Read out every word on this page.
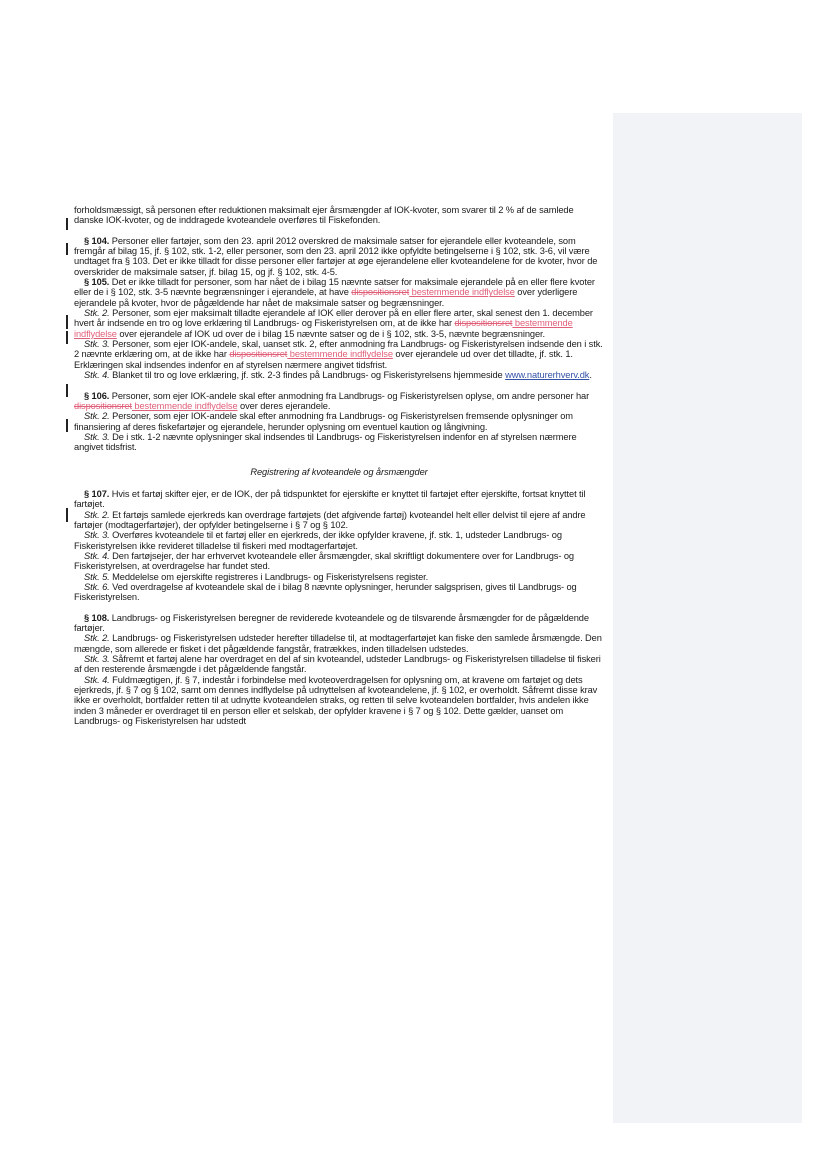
forholdsmæssigt, så personen efter reduktionen maksimalt ejer årsmængder af IOK-kvoter, som svarer til 2 % af de samlede danske IOK-kvoter, og de inddragede kvoteandele overføres til Fiskefonden.

§ 104. Personer eller fartøjer, som den 23. april 2012 overskred de maksimale satser for ejerandele eller kvoteandele, som fremgår af bilag 15, jf. § 102, stk. 1-2, eller personer, som den 23. april 2012 ikke opfyldte betingelserne i § 102, stk. 3-6, vil være undtaget fra § 103. Det er ikke tilladt for disse personer eller fartøjer at øge ejerandelene eller kvoteandelene for de kvoter, hvor de overskrider de maksimale satser, jf. bilag 15, og jf. § 102, stk. 4-5.

§ 105. Det er ikke tilladt for personer, som har nået de i bilag 15 nævnte satser for maksimale ejerandele på en eller flere kvoter eller de i § 102, stk. 3-5 nævnte begrænsninger i ejerandele, at have dispositionsret bestemmende indflydelse over yderligere ejerandele på kvoter, hvor de pågældende har nået de maksimale satser og begrænsninger.

Stk. 2. Personer, som ejer maksimalt tilladte ejerandele af IOK eller derover på en eller flere arter, skal senest den 1. december hvert år indsende en tro og love erklæring til Landbrugs- og Fiskeristyrelsen om, at de ikke har dispositionsret bestemmende indflydelse over ejerandele af IOK ud over de i bilag 15 nævnte satser og de i § 102, stk. 3-5, nævnte begrænsninger.

Stk. 3. Personer, som ejer IOK-andele, skal, uanset stk. 2, efter anmodning fra Landbrugs- og Fiskeristyrelsen indsende den i stk. 2 nævnte erklæring om, at de ikke har dispositionsret bestemmende indflydelse over ejerandele ud over det tilladte, jf. stk. 1. Erklæringen skal indsendes indenfor en af styrelsen nærmere angivet tidsfrist.

Stk. 4. Blanket til tro og love erklæring, jf. stk. 2-3 findes på Landbrugs- og Fiskeristyrelsens hjemmeside www.naturerhverv.dk.

§ 106. Personer, som ejer IOK-andele skal efter anmodning fra Landbrugs- og Fiskeristyrelsen oplyse, om andre personer har dispositionsret bestemmende indflydelse over deres ejerandele.

Stk. 2. Personer, som ejer IOK-andele skal efter anmodning fra Landbrugs- og Fiskeristyrelsen fremsende oplysninger om finansiering af deres fiskefartøjer og ejerandele, herunder oplysning om eventuel kaution og långivning.

Stk. 3. De i stk. 1-2 nævnte oplysninger skal indsendes til Landbrugs- og Fiskeristyrelsen indenfor en af styrelsen nærmere angivet tidsfrist.

Registrering af kvoteandele og årsmængder

§ 107. Hvis et fartøj skifter ejer, er de IOK, der på tidspunktet for ejerskifte er knyttet til fartøjet efter ejerskifte, fortsat knyttet til fartøjet.

Stk. 2. Et fartøjs samlede ejerkreds kan overdrage fartøjets (det afgivende fartøj) kvoteandel helt eller delvist til ejere af andre fartøjer (modtagerfartøjer), der opfylder betingelserne i § 7 og § 102.

Stk. 3. Overføres kvoteandele til et fartøj eller en ejerkreds, der ikke opfylder kravene, jf. stk. 1, udsteder Landbrugs- og Fiskeristyrelsen ikke revideret tilladelse til fiskeri med modtagerfartøjet.

Stk. 4. Den fartøjsejer, der har erhvervet kvoteandele eller årsmængder, skal skriftligt dokumentere over for Landbrugs- og Fiskeristyrelsen, at overdragelse har fundet sted.

Stk. 5. Meddelelse om ejerskifte registreres i Landbrugs- og Fiskeristyrelsens register.

Stk. 6. Ved overdragelse af kvoteandele skal de i bilag 8 nævnte oplysninger, herunder salgsprisen, gives til Landbrugs- og Fiskeristyrelsen.

§ 108. Landbrugs- og Fiskeristyrelsen beregner de reviderede kvoteandele og de tilsvarende årsmængder for de pågældende fartøjer.

Stk. 2. Landbrugs- og Fiskeristyrelsen udsteder herefter tilladelse til, at modtagerfartøjet kan fiske den samlede årsmængde. Den mængde, som allerede er fisket i det pågældende fangstår, fratrækkes, inden tilladelsen udstedes.

Stk. 3. Såfremt et fartøj alene har overdraget en del af sin kvoteandel, udsteder Landbrugs- og Fiskeristyrelsen tilladelse til fiskeri af den resterende årsmængde i det pågældende fangstår.

Stk. 4. Fuldmægtigen, jf. § 7, indestår i forbindelse med kvoteoverdragelsen for oplysning om, at kravene om fartøjet og dets ejerkreds, jf. § 7 og § 102, samt om dennes indflydelse på udnyttelsen af kvoteandelene, jf. § 102, er overholdt. Såfremt disse krav ikke er overholdt, bortfalder retten til at udnytte kvoteandelen straks, og retten til selve kvoteandelen bortfalder, hvis andelen ikke inden 3 måneder er overdraget til en person eller et selskab, der opfylder kravene i § 7 og § 102. Dette gælder, uanset om Landbrugs- og Fiskeristyrelsen har udstedt
